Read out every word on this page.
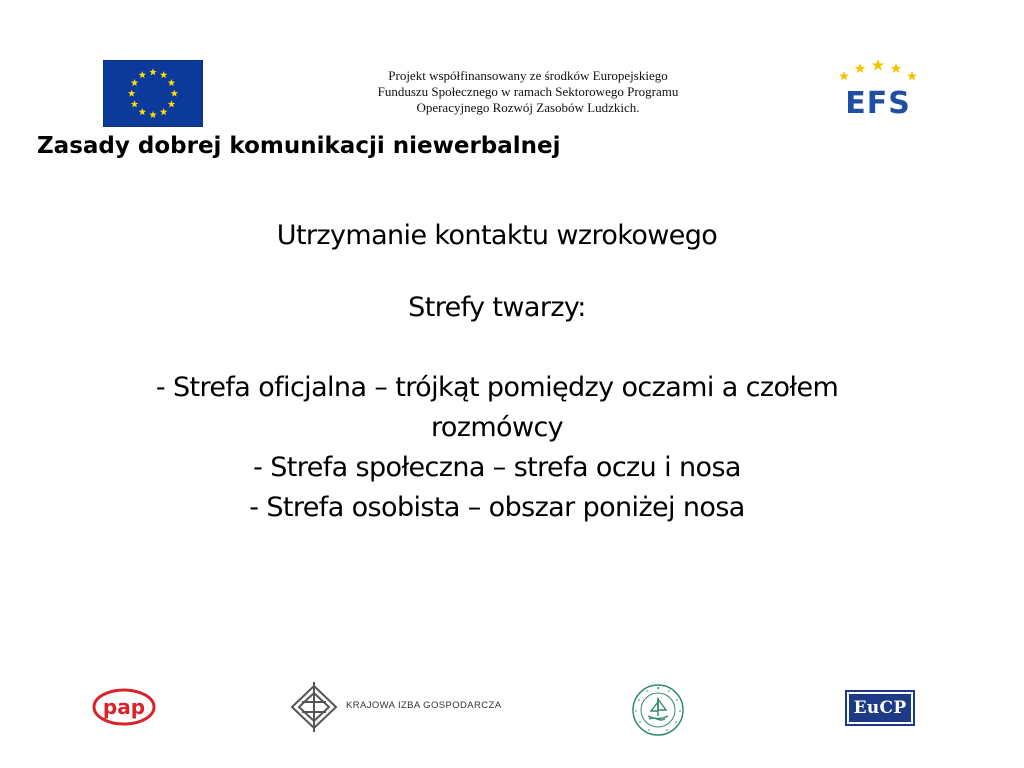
Projekt współfinansowany ze środków Europejskiego
Funduszu Społecznego w ramach Sektorowego Programu
Operacyjnego Rozwój Zasobów Ludzkich.	EFS
Zasady dobrej komunikacji niewerbalnej

Utrzymanie kontaktu wzrokowego

Strefy twarzy:

- Strefa oficjalna – trójkąt pomiędzy oczami a czołem

rozmówcy

- Strefa społeczna – strefa oczu i nosa

- Strefa osobista – obszar poniżej nosa

pap	KRAJOWA IZBA GOSPODARCZA	EuCP
